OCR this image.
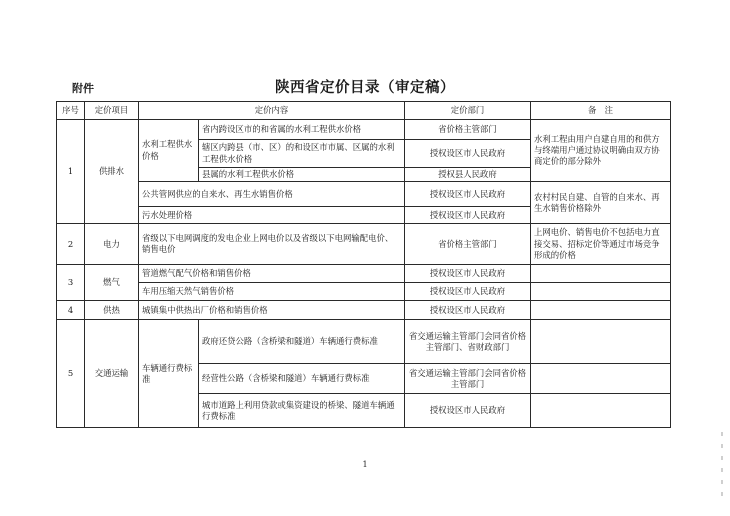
附件	陕西省定价目录（审定稿）
序号	定价项目	定价内容		定价部门	备　注
1	供排水	水利工程供水价格	省内跨设区市的和省属的水利工程供水价格	省价格主管部门	水利工程由用户自建自用的和供方与终端用户通过协议明确由双方协商定价的部分除外
			辖区内跨县（市、区）的和设区市市属、区属的水利工程供水价格	授权设区市人民政府	
			县属的水利工程供水价格	授权县人民政府	
		公共管网供应的自来水、再生水销售价格		授权设区市人民政府	农村村民自建、自管的自来水、再生水销售价格除外
		污水处理价格		授权设区市人民政府	
2	电力	省级以下电网调度的发电企业上网电价以及省级以下电网输配电价、销售电价		省价格主管部门	上网电价、销售电价不包括电力直接交易、招标定价等通过市场竞争形成的价格
3	燃气	管道燃气配气价格和销售价格		授权设区市人民政府	
		车用压缩天然气销售价格		授权设区市人民政府	
4	供热	城镇集中供热出厂价格和销售价格		授权设区市人民政府	
5	交通运输	车辆通行费标准	政府还贷公路（含桥梁和隧道）车辆通行费标准	省交通运输主管部门会同省价格主管部门、省财政部门	
			经营性公路（含桥梁和隧道）车辆通行费标准	省交通运输主管部门会同省价格主管部门	
			城市道路上利用贷款或集资建设的桥梁、隧道车辆通行费标准	授权设区市人民政府	

1
